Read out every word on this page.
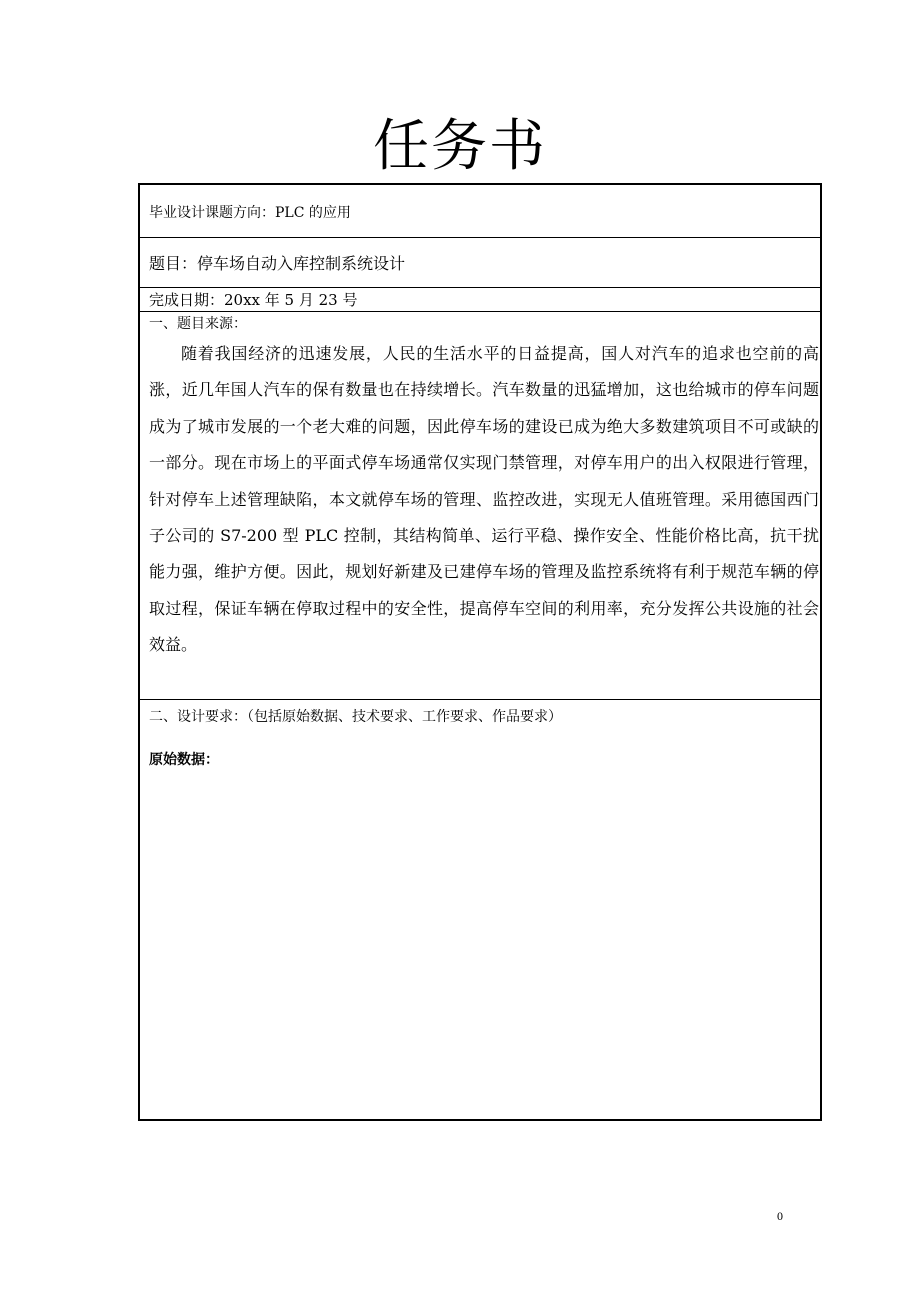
任务书
毕业设计课题方向：PLC 的应用
题目：停车场自动入库控制系统设计
完成日期：20xx 年 5 月 23 号
一、题目来源：

随着我国经济的迅速发展，人民的生活水平的日益提高，国人对汽车的追求也空前的高涨，近几年国人汽车的保有数量也在持续增长。汽车数量的迅猛增加，这也给城市的停车问题成为了城市发展的一个老大难的问题，因此停车场的建设已成为绝大多数建筑项目不可或缺的一部分。现在市场上的平面式停车场通常仅实现门禁管理，对停车用户的出入权限进行管理，针对停车上述管理缺陷，本文就停车场的管理、监控改进，实现无人值班管理。采用德国西门子公司的 S7-200 型 PLC 控制，其结构简单、运行平稳、操作安全、性能价格比高，抗干扰能力强，维护方便。因此，规划好新建及已建停车场的管理及监控系统将有利于规范车辆的停取过程，保证车辆在停取过程中的安全性，提高停车空间的利用率，充分发挥公共设施的社会效益。

二、设计要求：（包括原始数据、技术要求、工作要求、作品要求）
原始数据：
0
